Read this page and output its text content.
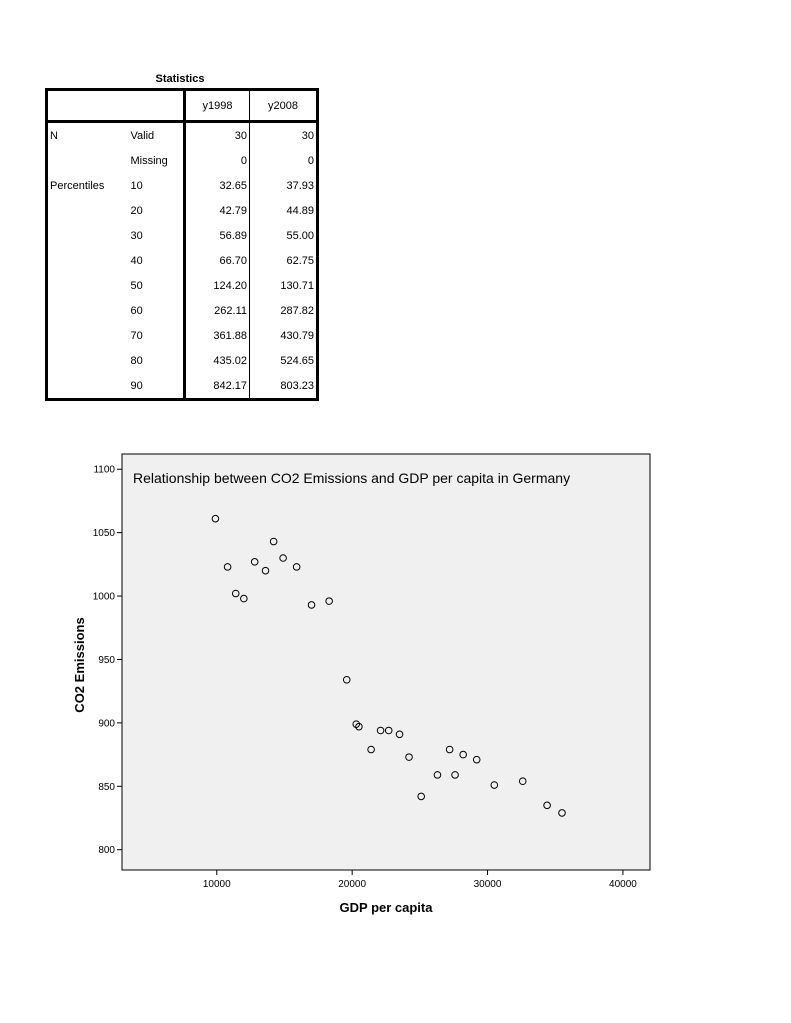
Statistics
		y1998	y2008
N	Valid	30	30
	Missing	0	0
Percentiles	10	32.65	37.93
	20	42.79	44.89
	30	56.89	55.00
	40	66.70	62.75
	50	124.20	130.71
	60	262.11	287.82
	70	361.88	430.79
	80	435.02	524.65
	90	842.17	803.23
Relationship between CO2 Emissions and GDP per capita in Germany
10000	20000	30000	40000
800
850
900
950
1000
1050
1100
GDP per capita
CO2 Emissions
